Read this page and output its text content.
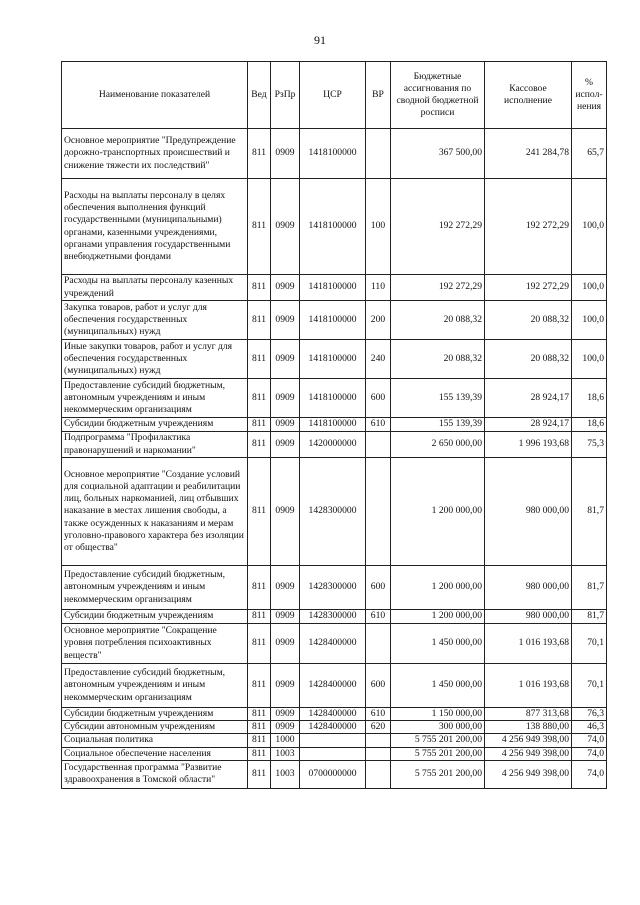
91
Наименование показателей	Вед	РзПр	ЦСР	ВР	Бюджетные ассигнования по сводной бюджетной росписи	Кассовое исполнение	% испол-нения
Основное мероприятие "Предупреждение дорожно-транспортных происшествий и снижение тяжести их последствий"	811	0909	1418100000		367 500,00	241 284,78	65,7
Расходы на выплаты персоналу в целях обеспечения выполнения функций государственными (муниципальными) органами, казенными учреждениями, органами управления государственными внебюджетными фондами	811	0909	1418100000	100	192 272,29	192 272,29	100,0
Расходы на выплаты персоналу казенных учреждений	811	0909	1418100000	110	192 272,29	192 272,29	100,0
Закупка товаров, работ и услуг для обеспечения государственных (муниципальных) нужд	811	0909	1418100000	200	20 088,32	20 088,32	100,0
Иные закупки товаров, работ и услуг для обеспечения государственных (муниципальных) нужд	811	0909	1418100000	240	20 088,32	20 088,32	100,0
Предоставление субсидий бюджетным, автономным учреждениям и иным некоммерческим организациям	811	0909	1418100000	600	155 139,39	28 924,17	18,6
Субсидии бюджетным учреждениям	811	0909	1418100000	610	155 139,39	28 924,17	18,6
Подпрограмма "Профилактика правонарушений и наркомании"	811	0909	1420000000		2 650 000,00	1 996 193,68	75,3
Основное мероприятие "Создание условий для социальной адаптации и реабилитации лиц, больных наркоманией, лиц отбывших наказание в местах лишения свободы, а также осужденных к наказаниям и мерам уголовно-правового характера без изоляции от общества"	811	0909	1428300000		1 200 000,00	980 000,00	81,7
Предоставление субсидий бюджетным, автономным учреждениям и иным некоммерческим организациям	811	0909	1428300000	600	1 200 000,00	980 000,00	81,7
Субсидии бюджетным учреждениям	811	0909	1428300000	610	1 200 000,00	980 000,00	81,7
Основное мероприятие "Сокращение уровня потребления психоактивных веществ"	811	0909	1428400000		1 450 000,00	1 016 193,68	70,1
Предоставление субсидий бюджетным, автономным учреждениям и иным некоммерческим организациям	811	0909	1428400000	600	1 450 000,00	1 016 193,68	70,1
Субсидии бюджетным учреждениям	811	0909	1428400000	610	1 150 000,00	877 313,68	76,3
Субсидии автономным учреждениям	811	0909	1428400000	620	300 000,00	138 880,00	46,3
Социальная политика	811	1000			5 755 201 200,00	4 256 949 398,00	74,0
Социальное обеспечение населения	811	1003			5 755 201 200,00	4 256 949 398,00	74,0
Государственная программа "Развитие здравоохранения в Томской области"	811	1003	0700000000		5 755 201 200,00	4 256 949 398,00	74,0
